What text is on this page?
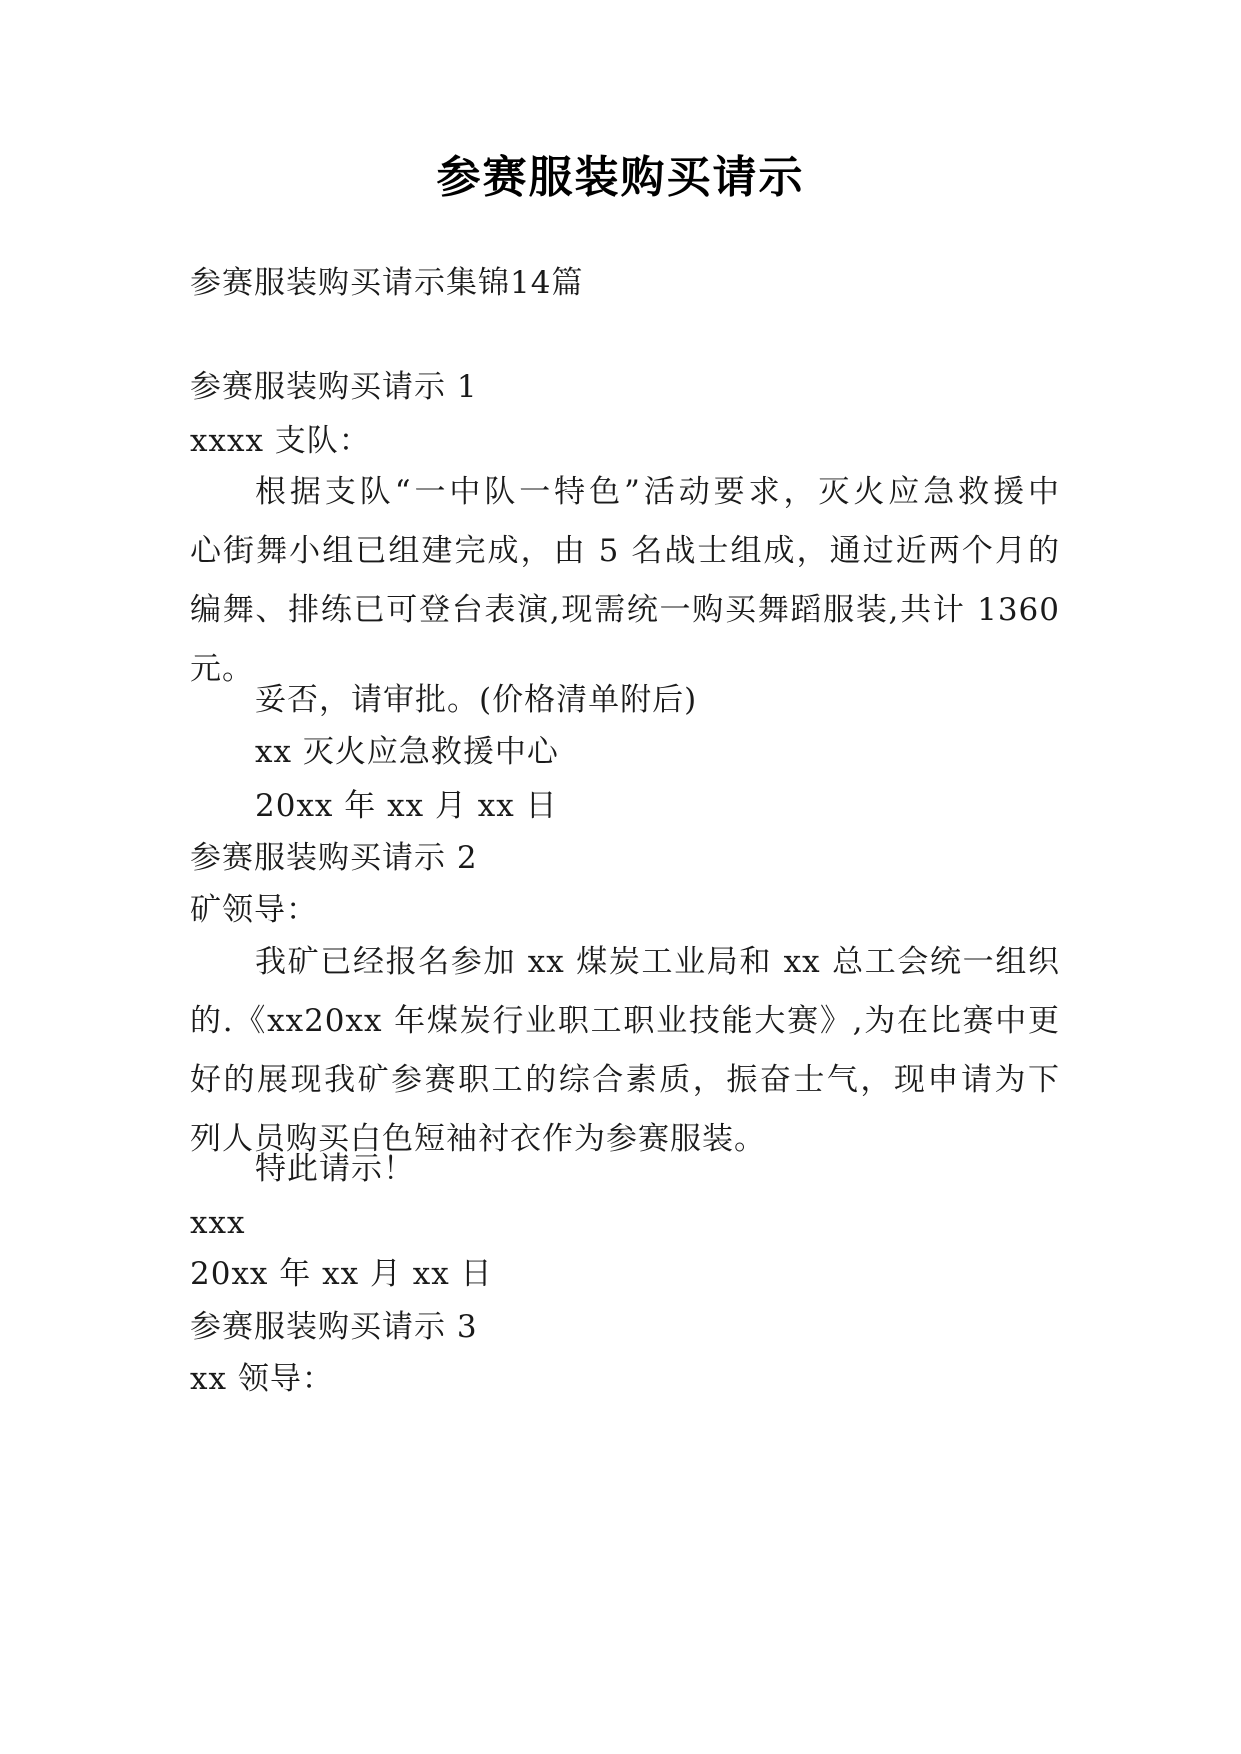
参赛服装购买请示
参赛服装购买请示集锦14篇
参赛服装购买请示 1
xxxx 支队：
根据支队“一中队一特色”活动要求，灭火应急救援中
心街舞小组已组建完成，由 5 名战士组成，通过近两个月的
编舞、排练已可登台表演,现需统一购买舞蹈服装,共计 1360
元。
妥否，请审批。(价格清单附后)
xx 灭火应急救援中心
20xx 年 xx 月 xx 日
参赛服装购买请示 2
矿领导：
我矿已经报名参加 xx 煤炭工业局和 xx 总工会统一组织
的.《xx20xx 年煤炭行业职工职业技能大赛》,为在比赛中更
好的展现我矿参赛职工的综合素质，振奋士气，现申请为下
列人员购买白色短袖衬衣作为参赛服装。
特此请示！
xxx
20xx 年 xx 月 xx 日
参赛服装购买请示 3
xx 领导：
